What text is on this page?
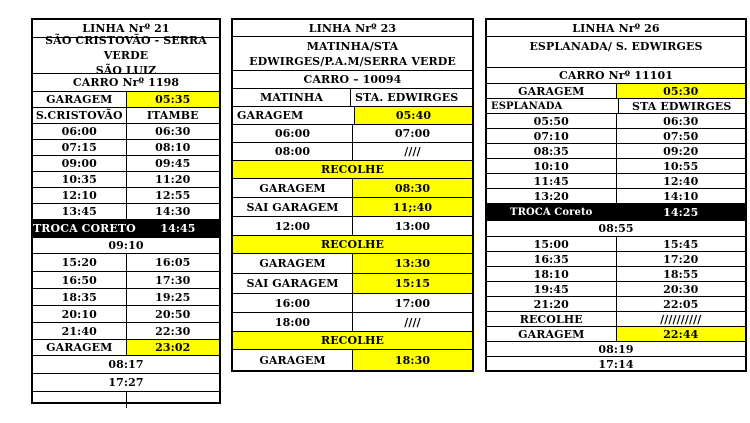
LINHA Nrº 21
SÃO CRISTOVÃO - SERRA VERDE
SÃO LUIZ
CARRO Nrº 1198
GARAGEM	05:35
S.CRISTOVÃO	ITAMBE
06:00	06:30
07:15	08:10
09:00	09:45
10:35	11:20
12:10	12:55
13:45	14:30
TROCA CORETO	14:45
09:10
15:20	16:05
16:50	17:30
18:35	19:25
20:10	20:50
21:40	22:30
GARAGEM	23:02
08:17
17:27
LINHA Nrº 23
MATINHA/STA EDWIRGES/P.A.M/SERRA VERDE
CARRO – 10094
MATINHA	STA. EDWIRGES
GARAGEM	05:40
06:00	07:00
08:00	////
RECOLHE
GARAGEM	08:30
SAI GARAGEM	11;:40
12:00	13:00
RECOLHE
GARAGEM	13:30
SAI GARAGEM	15:15
16:00	17:00
18:00	////
RECOLHE
GARAGEM	18:30
LINHA Nrº 26
ESPLANADA/ S. EDWIRGES
CARRO Nrº 11101
GARAGEM	05:30
ESPLANADA	STA EDWIRGES
05:50	06:30
07:10	07:50
08:35	09:20
10:10	10:55
11:45	12:40
13:20	14:10
TROCA Coreto	14:25
08:55
15:00	15:45
16:35	17:20
18:10	18:55
19:45	20:30
21:20	22:05
RECOLHE	//////////
GARAGEM	22:44
08:19
17:14
